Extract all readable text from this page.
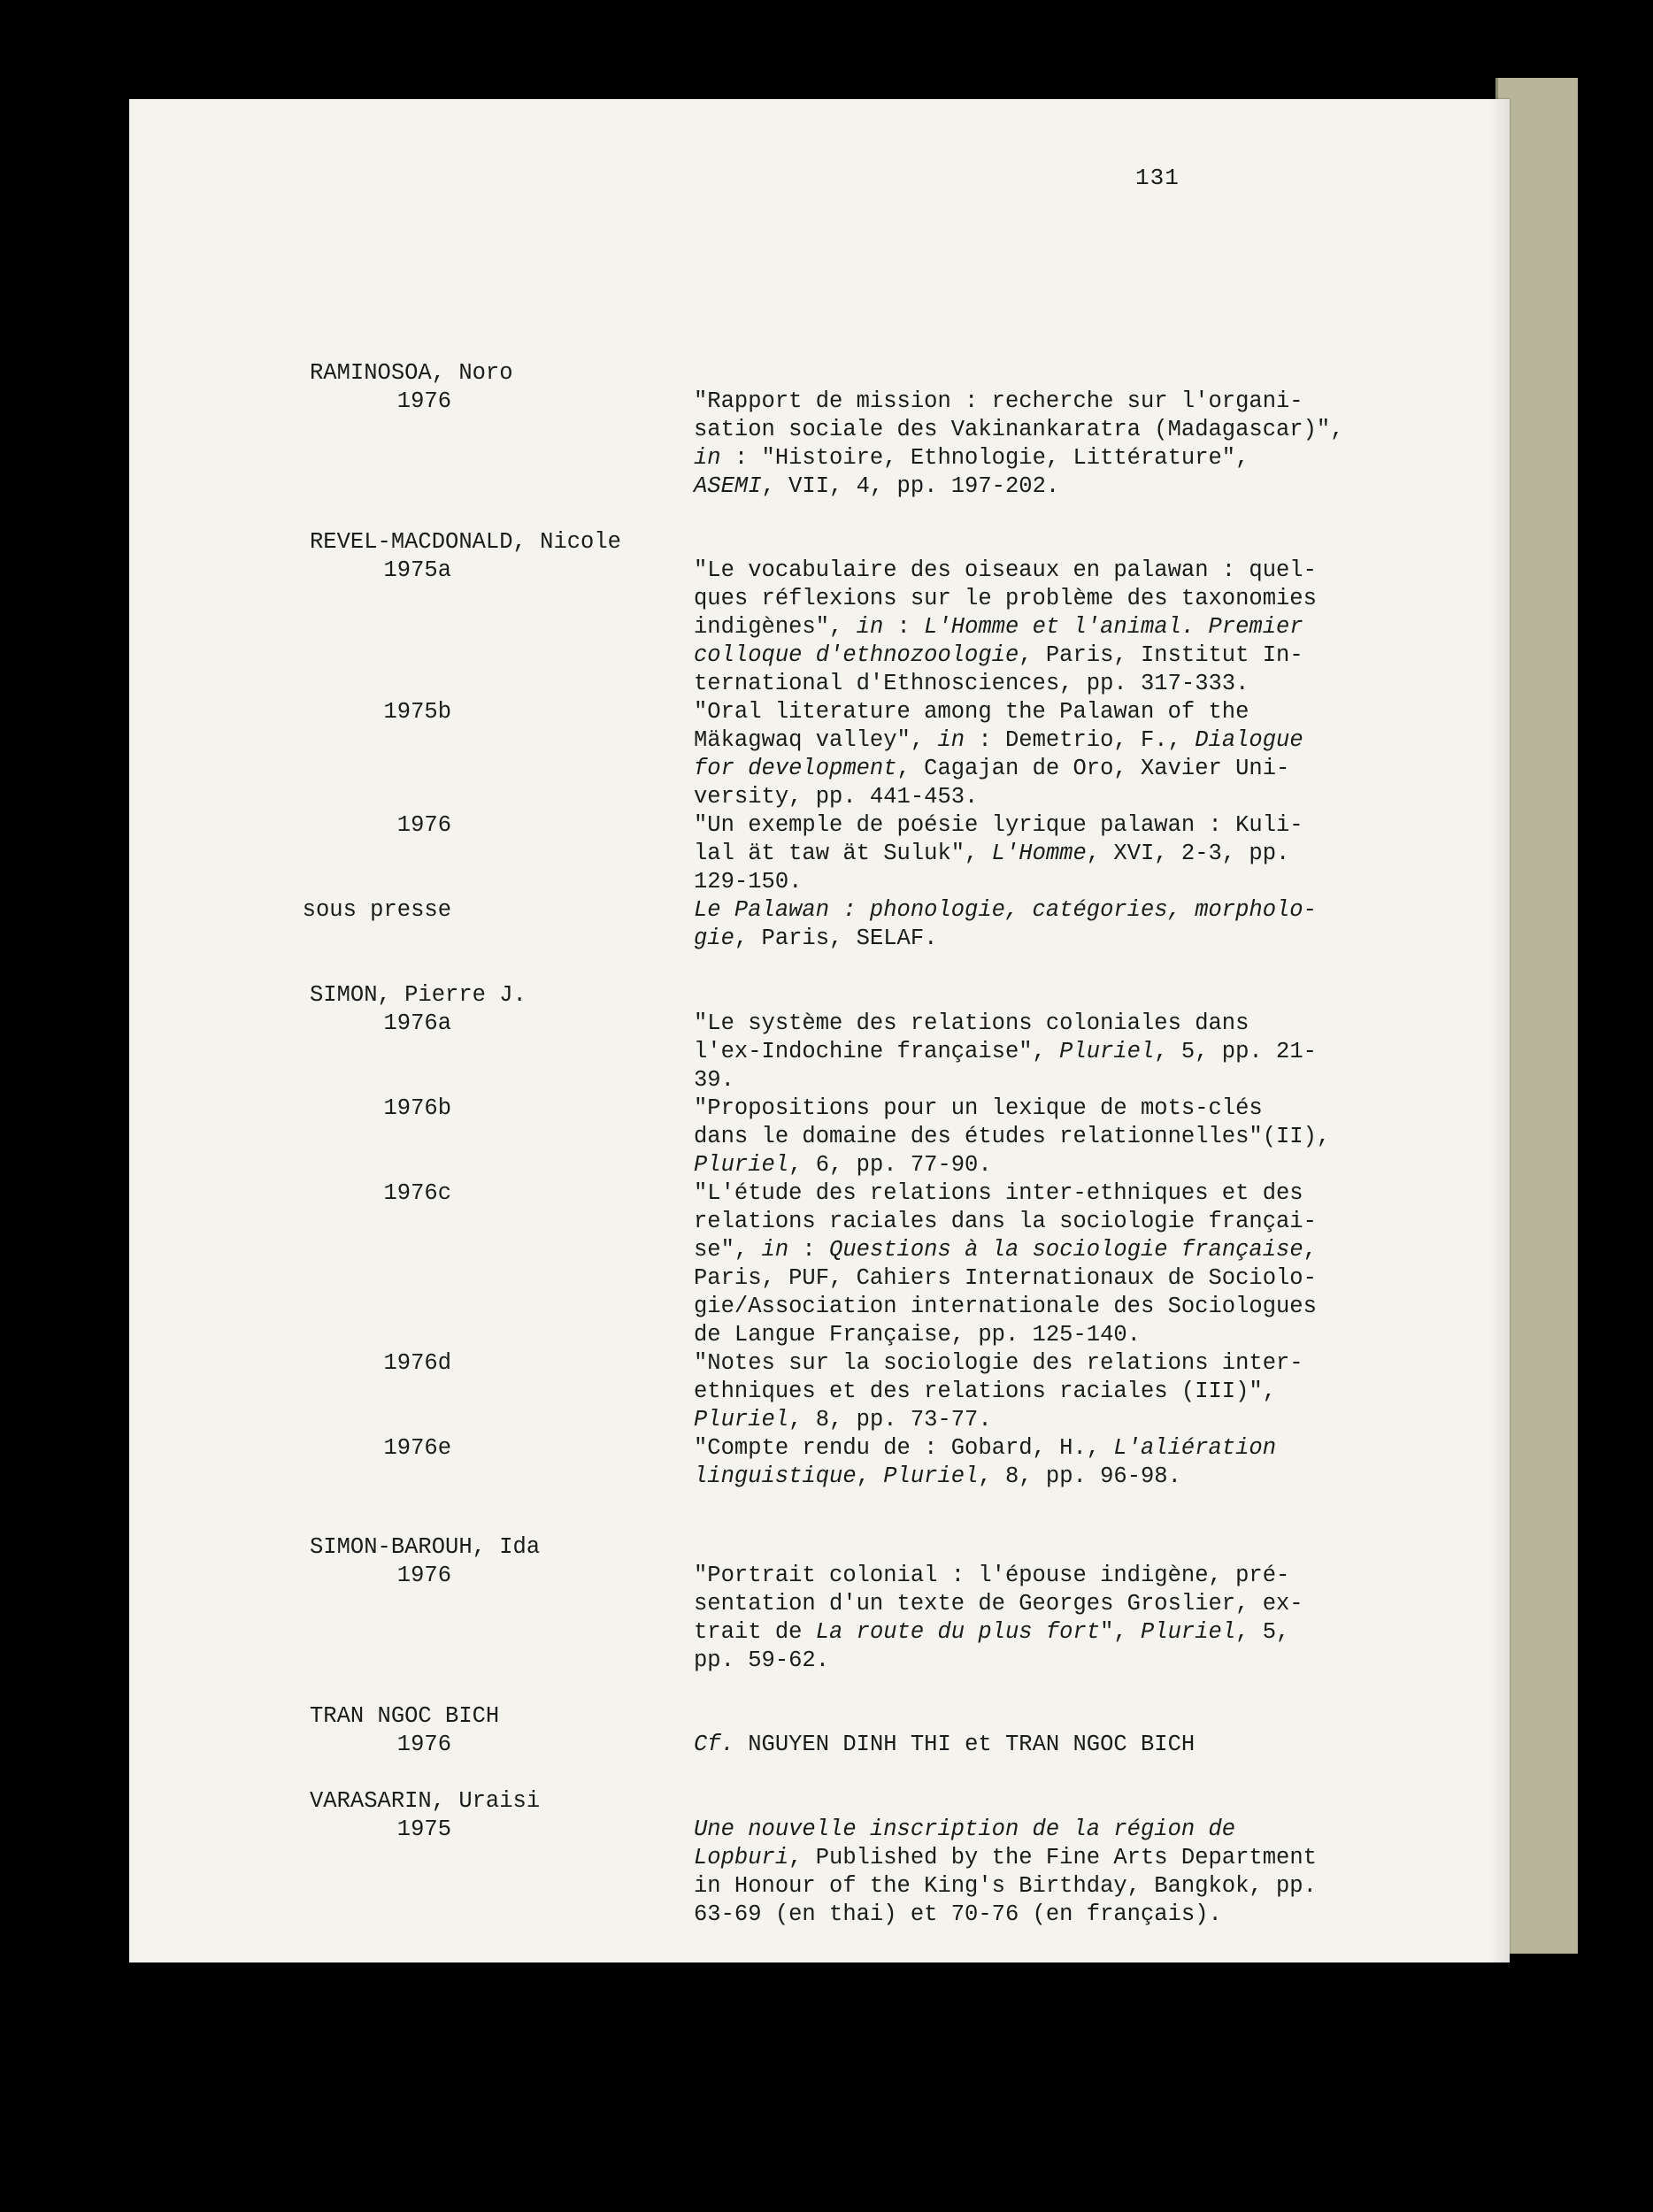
131
RAMINOSOA, Noro
1976	"Rapport de mission : recherche sur l'organi-
sation sociale des Vakinankaratra (Madagascar)",
in : "Histoire, Ethnologie, Littérature",
ASEMI, VII, 4, pp. 197-202.
REVEL-MACDONALD, Nicole
1975a	"Le vocabulaire des oiseaux en palawan : quel-
ques réflexions sur le problème des taxonomies
indigènes", in : L'Homme et l'animal. Premier
colloque d'ethnozoologie, Paris, Institut In-
ternational d'Ethnosciences, pp. 317-333.
1975b	"Oral literature among the Palawan of the
Mäkagwaq valley", in : Demetrio, F., Dialogue
for development, Cagajan de Oro, Xavier Uni-
versity, pp. 441-453.
1976	"Un exemple de poésie lyrique palawan : Kuli-
lal ät taw ät Suluk", L'Homme, XVI, 2-3, pp.
129-150.
sous presse	Le Palawan : phonologie, catégories, morpholo-
gie, Paris, SELAF.
SIMON, Pierre J.
1976a	"Le système des relations coloniales dans
l'ex-Indochine française", Pluriel, 5, pp. 21-
39.
1976b	"Propositions pour un lexique de mots-clés
dans le domaine des études relationnelles"(II),
Pluriel, 6, pp. 77-90.
1976c	"L'étude des relations inter-ethniques et des
relations raciales dans la sociologie françai-
se", in : Questions à la sociologie française,
Paris, PUF, Cahiers Internationaux de Sociolo-
gie/Association internationale des Sociologues
de Langue Française, pp. 125-140.
1976d	"Notes sur la sociologie des relations inter-
ethniques et des relations raciales (III)",
Pluriel, 8, pp. 73-77.
1976e	"Compte rendu de : Gobard, H., L'aliération
linguistique, Pluriel, 8, pp. 96-98.
SIMON-BAROUH, Ida
1976	"Portrait colonial : l'épouse indigène, pré-
sentation d'un texte de Georges Groslier, ex-
trait de La route du plus fort", Pluriel, 5,
pp. 59-62.
TRAN NGOC BICH
1976	Cf. NGUYEN DINH THI et TRAN NGOC BICH
VARASARIN, Uraisi
1975	Une nouvelle inscription de la région de
Lopburi, Published by the Fine Arts Department
in Honour of the King's Birthday, Bangkok, pp.
63-69 (en thai) et 70-76 (en français).
